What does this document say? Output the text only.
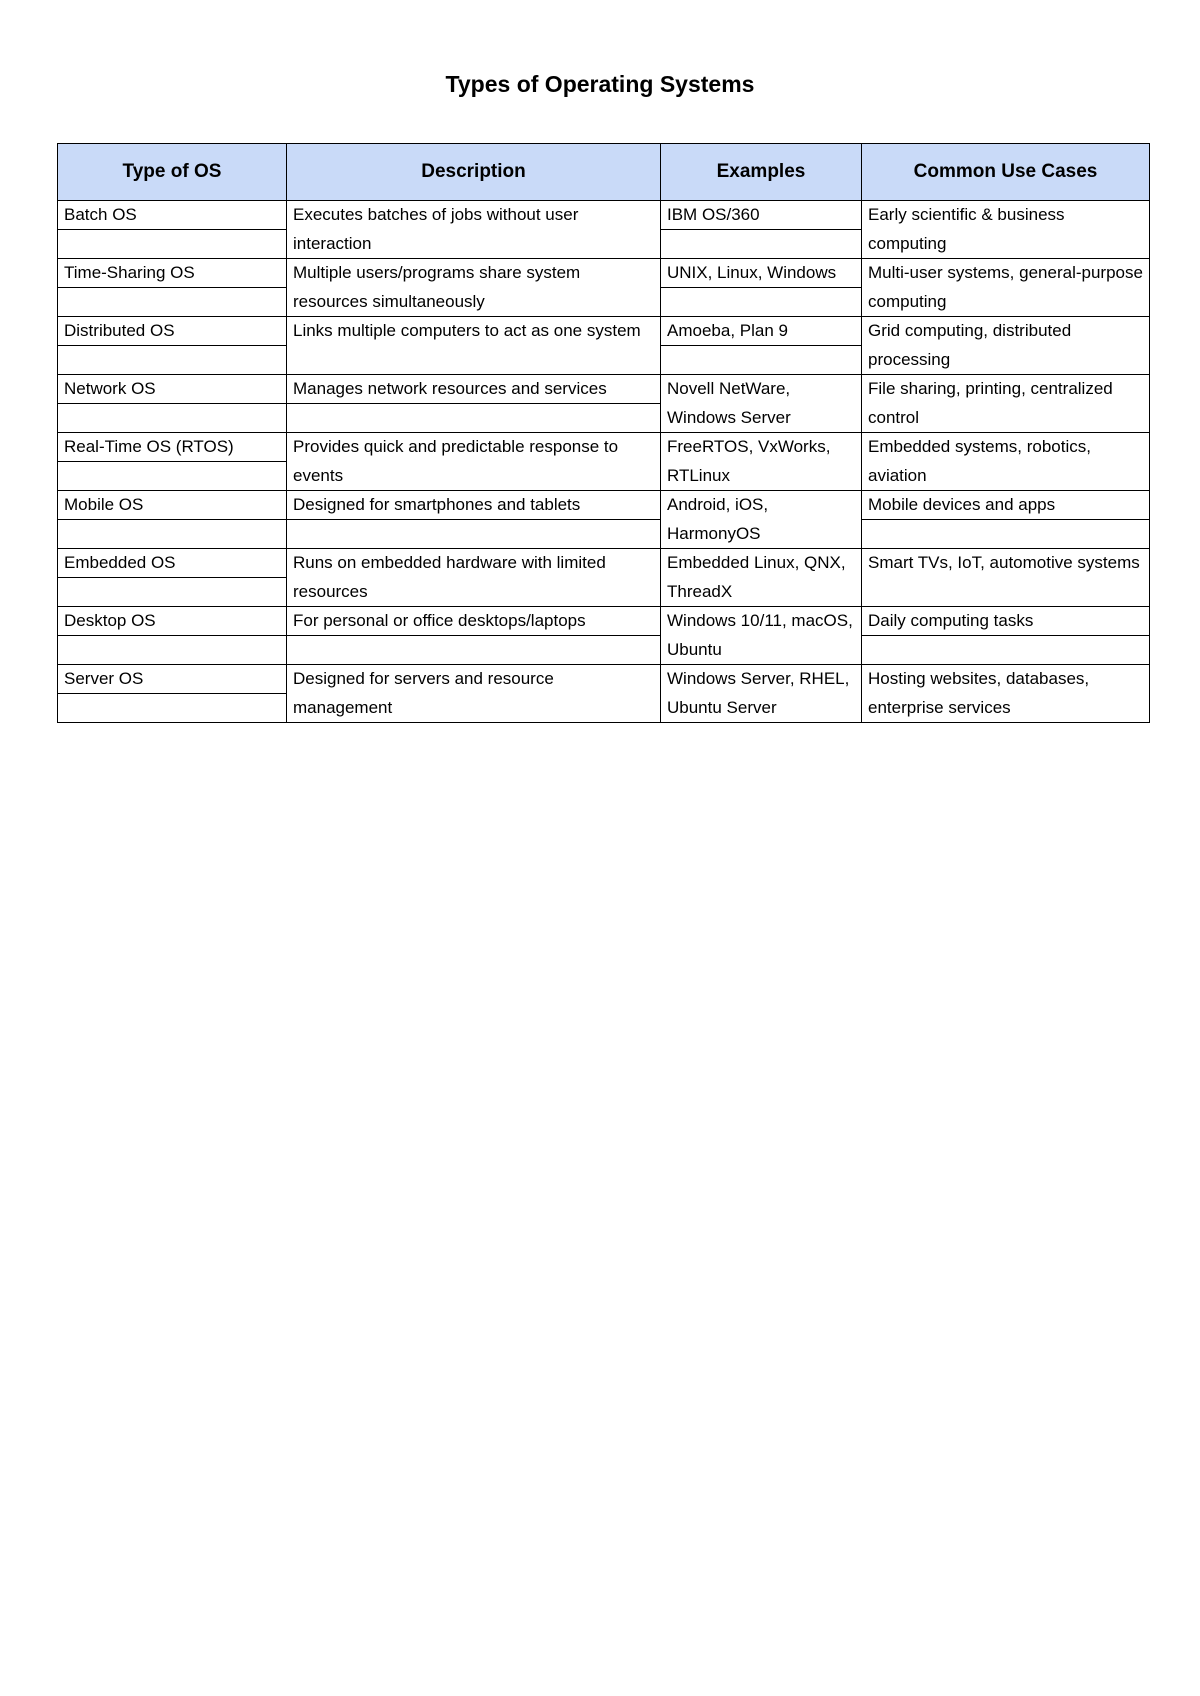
Types of Operating Systems
Type of OS	Description	Examples	Common Use Cases
Batch OS	Executes batches of jobs without user interaction	IBM OS/360	Early scientific & business computing
Time-Sharing OS	Multiple users/programs share system resources simultaneously	UNIX, Linux, Windows	Multi-user systems, general-purpose computing
Distributed OS	Links multiple computers to act as one system	Amoeba, Plan 9	Grid computing, distributed processing
Network OS	Manages network resources and services	Novell NetWare, Windows Server	File sharing, printing, centralized control
Real-Time OS (RTOS)	Provides quick and predictable response to events	FreeRTOS, VxWorks, RTLinux	Embedded systems, robotics, aviation
Mobile OS	Designed for smartphones and tablets	Android, iOS, HarmonyOS	Mobile devices and apps
Embedded OS	Runs on embedded hardware with limited resources	Embedded Linux, QNX, ThreadX	Smart TVs, IoT, automotive systems
Desktop OS	For personal or office desktops/laptops	Windows 10/11, macOS, Ubuntu	Daily computing tasks
Server OS	Designed for servers and resource management	Windows Server, RHEL, Ubuntu Server	Hosting websites, databases, enterprise services
